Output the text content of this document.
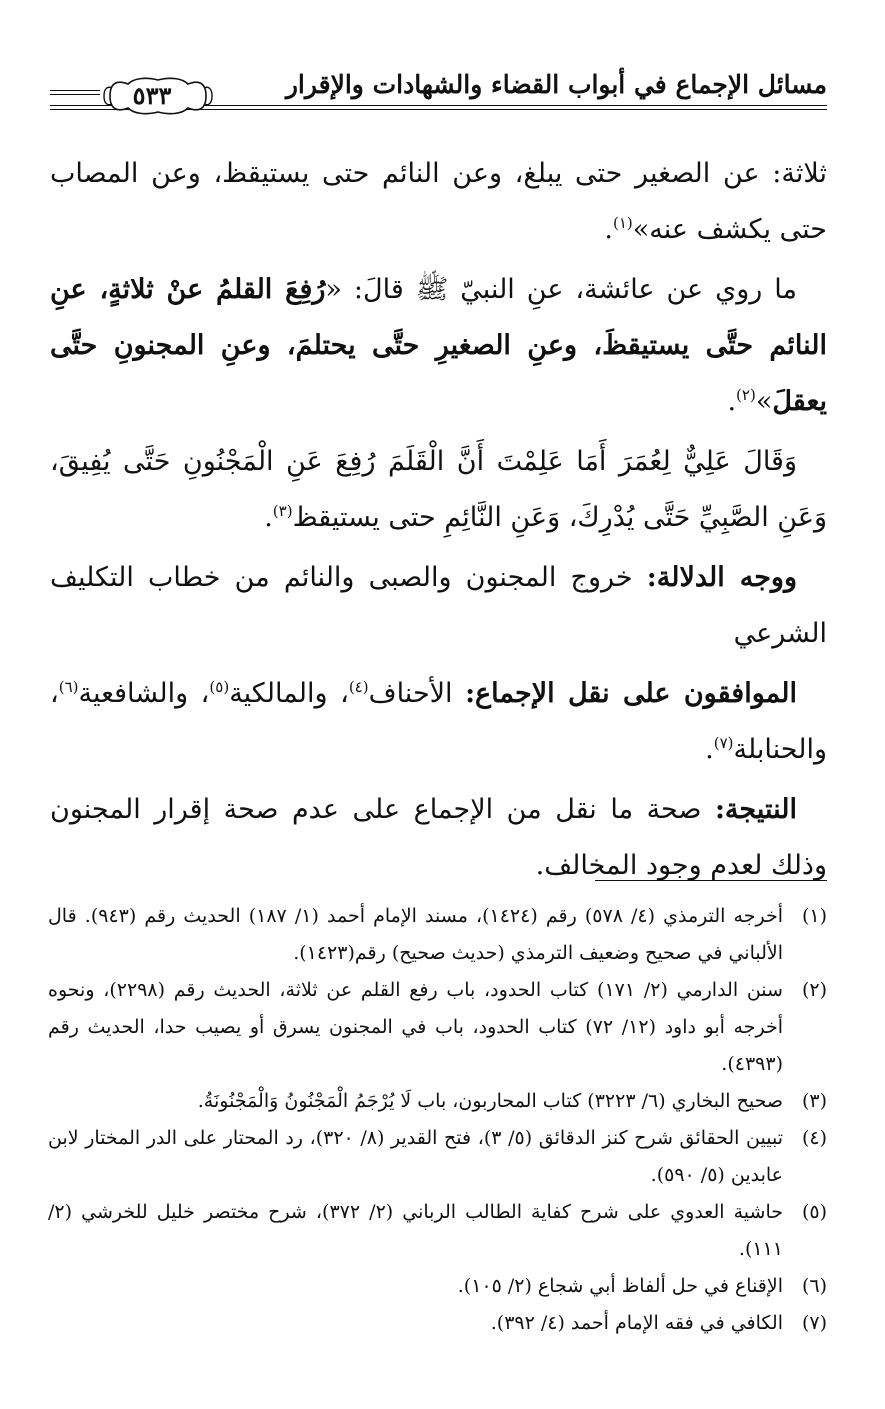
مسائل الإجماع في أبواب القضاء والشهادات والإقرار
٥٣٣

ثلاثة: عن الصغير حتى يبلغ، وعن النائم حتى يستيقظ، وعن المصاب حتى يكشف عنه»$^{(١)}$.

ما روي عن عائشة، عنِ النبيّ ﷺ قالَ: «رُفِعَ القلمُ عنْ ثلاثةٍ، عنِ النائم حتَّى يستيقظَ، وعنِ الصغيرِ حتَّى يحتلمَ، وعنِ المجنونِ حتَّى يعقلَ»$^{(٢)}$.

وَقَالَ عَلِيٌّ لِعُمَرَ أَمَا عَلِمْتَ أَنَّ الْقَلَمَ رُفِعَ عَنِ الْمَجْنُونِ حَتَّى يُفِيقَ، وَعَنِ الصَّبِيِّ حَتَّى يُدْرِكَ، وَعَنِ النَّائِمِ حتى يستيقظ$^{(٣)}$.

ووجه الدلالة: خروج المجنون والصبى والنائم من خطاب التكليف الشرعي

الموافقون على نقل الإجماع: الأحناف$^{(٤)}$، والمالكية$^{(٥)}$، والشافعية$^{(٦)}$، والحنابلة$^{(٧)}$.

النتيجة: صحة ما نقل من الإجماع على عدم صحة إقرار المجنون وذلك لعدم وجود المخالف.

(١)
أخرجه الترمذي (٤/ ٥٧٨) رقم (١٤٢٤)، مسند الإمام أحمد (١/ ١٨٧) الحديث رقم (٩٤٣). قال الألباني في صحيح وضعيف الترمذي (حديث صحيح) رقم(١٤٢٣).
(٢)
سنن الدارمي (٢/ ١٧١) كتاب الحدود، باب رفع القلم عن ثلاثة، الحديث رقم (٢٢٩٨)، ونحوه أخرجه أبو داود (١٢/ ٧٢) كتاب الحدود، باب في المجنون يسرق أو يصيب حدا، الحديث رقم (٤٣٩٣).
(٣)
صحيح البخاري (٦/ ٣٢٢٣) كتاب المحاربون، باب لَا يُرْجَمُ الْمَجْنُونُ وَالْمَجْنُونَةُ.
(٤)
تبيين الحقائق شرح كنز الدقائق (٥/ ٣)، فتح القدير (٨/ ٣٢٠)، رد المحتار على الدر المختار لابن عابدين (٥/ ٥٩٠).
(٥)
حاشية العدوي على شرح كفاية الطالب الرباني (٢/ ٣٧٢)، شرح مختصر خليل للخرشي (٢/ ١١١).
(٦)
الإقناع في حل ألفاظ أبي شجاع (٢/ ١٠٥).
(٧)
الكافي في فقه الإمام أحمد (٤/ ٣٩٢).
